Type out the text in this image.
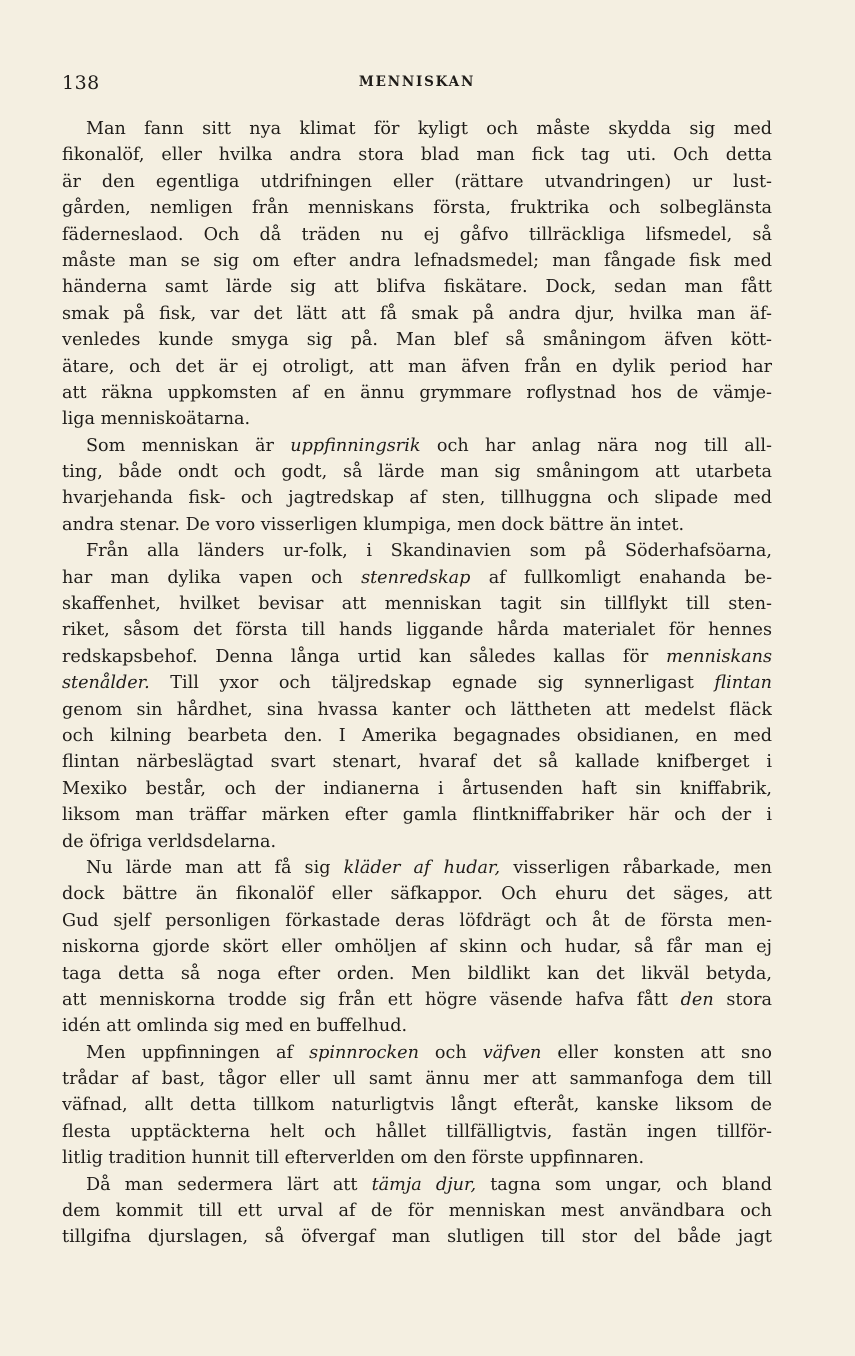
138	MENNISKAN
Man fann sitt nya klimat för kyligt och måste skydda sig med
fikonalöf, eller hvilka andra stora blad man fick tag uti. Och detta
är den egentliga utdrifningen eller (rättare utvandringen) ur lust-
gården, nemligen från menniskans första, fruktrika och solbeglänsta
fäderneslaod. Och då träden nu ej gåfvo tillräckliga lifsmedel, så
måste man se sig om efter andra lefnadsmedel; man fångade fisk med
händerna samt lärde sig att blifva fiskätare. Dock, sedan man fått
smak på fisk, var det lätt att få smak på andra djur, hvilka man äf-
venledes kunde smyga sig på. Man blef så småningom äfven kött-
ätare, och det är ej otroligt, att man äfven från en dylik period har
att räkna uppkomsten af en ännu grymmare roflystnad hos de vämje-
liga menniskoätarna.
Som menniskan är uppfinningsrik och har anlag nära nog till all-
ting, både ondt och godt, så lärde man sig småningom att utarbeta
hvarjehanda fisk- och jagtredskap af sten, tillhuggna och slipade med
andra stenar. De voro visserligen klumpiga, men dock bättre än intet.
Från alla länders ur-folk, i Skandinavien som på Söderhafsöarna,
har man dylika vapen och stenredskap af fullkomligt enahanda be-
skaffenhet, hvilket bevisar att menniskan tagit sin tillflykt till sten-
riket, såsom det första till hands liggande hårda materialet för hennes
redskapsbehof. Denna långa urtid kan således kallas för menniskans
stenålder. Till yxor och täljredskap egnade sig synnerligast flintan
genom sin hårdhet, sina hvassa kanter och lättheten att medelst fläck
och kilning bearbeta den. I Amerika begagnades obsidianen, en med
flintan närbeslägtad svart stenart, hvaraf det så kallade knifberget i
Mexiko består, och der indianerna i årtusenden haft sin kniffabrik,
liksom man träffar märken efter gamla flintkniffabriker här och der i
de öfriga verldsdelarna.
Nu lärde man att få sig kläder af hudar, visserligen råbarkade, men
dock bättre än fikonalöf eller säfkappor. Och ehuru det säges, att
Gud sjelf personligen förkastade deras löfdrägt och åt de första men-
niskorna gjorde skört eller omhöljen af skinn och hudar, så får man ej
taga detta så noga efter orden. Men bildlikt kan det likväl betyda,
att menniskorna trodde sig från ett högre väsende hafva fått den stora
idén att omlinda sig med en buffelhud.
Men uppfinningen af spinnrocken och väfven eller konsten att sno
trådar af bast, tågor eller ull samt ännu mer att sammanfoga dem till
väfnad, allt detta tillkom naturligtvis långt efteråt, kanske liksom de
flesta upptäckterna helt och hållet tillfälligtvis, fastän ingen tillför-
litlig tradition hunnit till efterverlden om den förste uppfinnaren.
Då man sedermera lärt att tämja djur, tagna som ungar, och bland
dem kommit till ett urval af de för menniskan mest användbara och
tillgifna djurslagen, så öfvergaf man slutligen till stor del både jagt
